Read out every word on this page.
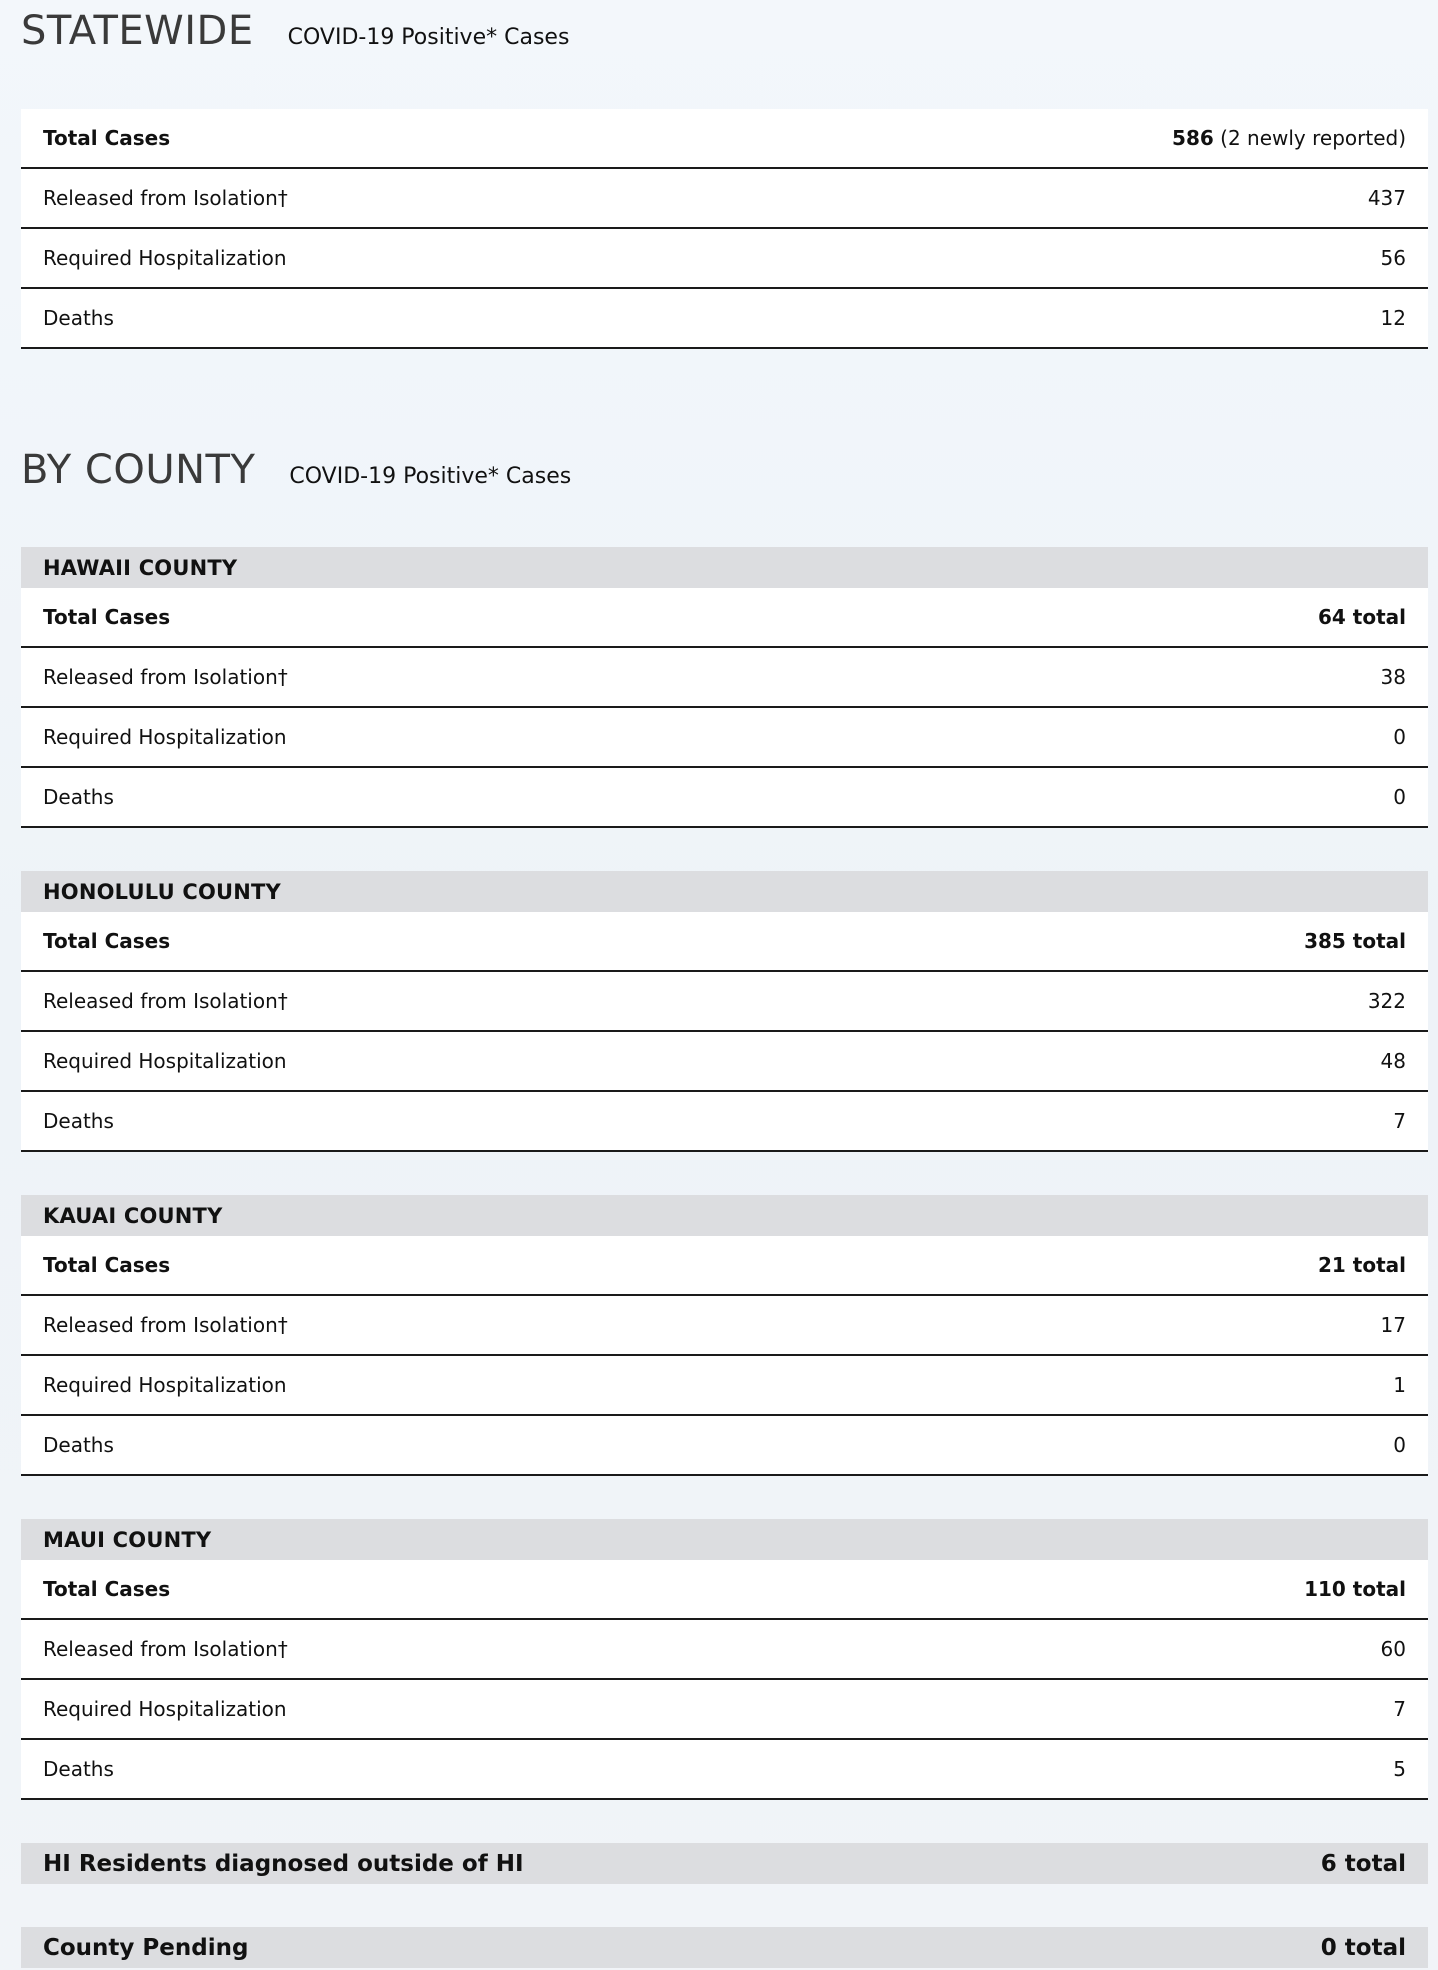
STATEWIDE COVID-19 Positive* Cases
Total Cases	586 (2 newly reported)
Released from Isolation†	437
Required Hospitalization	56
Deaths	12
BY COUNTY COVID-19 Positive* Cases
HAWAII COUNTY
Total Cases	64 total
Released from Isolation†	38
Required Hospitalization	0
Deaths	0
HONOLULU COUNTY
Total Cases	385 total
Released from Isolation†	322
Required Hospitalization	48
Deaths	7
KAUAI COUNTY
Total Cases	21 total
Released from Isolation†	17
Required Hospitalization	1
Deaths	0
MAUI COUNTY
Total Cases	110 total
Released from Isolation†	60
Required Hospitalization	7
Deaths	5
HI Residents diagnosed outside of HI	6 total
County Pending	0 total
